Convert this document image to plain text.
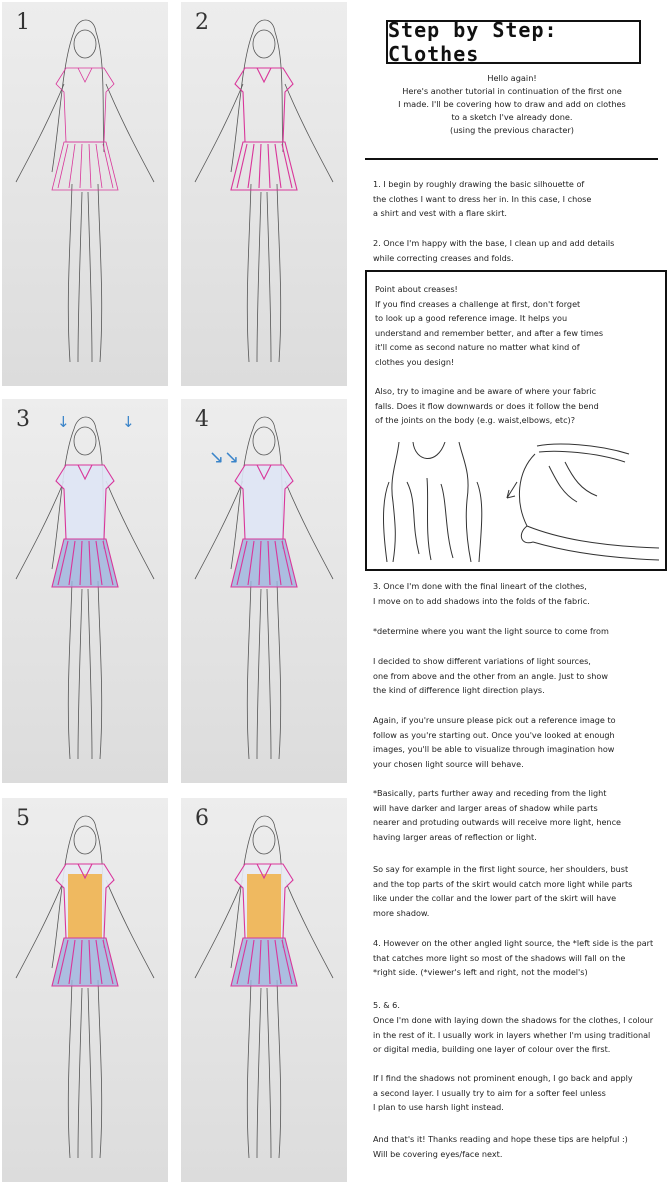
1	2
3 ↓	↓	4
↘↘
5	6
Step by Step: Clothes
Hello again!
Here's another tutorial in continuation of the first one
I made. I'll be covering how to draw and add on clothes
to a sketch I've already done.
(using the previous character)
1. I begin by roughly drawing the basic silhouette of
the clothes I want to dress her in. In this case, I chose
a shirt and vest with a flare skirt.
2. Once I'm happy with the base, I clean up and add details
while correcting creases and folds.
Point about creases!
If you find creases a challenge at first, don't forget
to look up a good reference image. It helps you
understand and remember better, and after a few times
it'll come as second nature no matter what kind of
clothes you design!
Also, try to imagine and be aware of where your fabric
falls. Does it flow downwards or does it follow the bend
of the joints on the body (e.g. waist,elbows, etc)?
3. Once I'm done with the final lineart of the clothes,
I move on to add shadows into the folds of the fabric.
*determine where you want the light source to come from
I decided to show different variations of light sources,
one from above and the other from an angle. Just to show
the kind of difference light direction plays.
Again, if you're unsure please pick out a reference image to
follow as you're starting out. Once you've looked at enough
images, you'll be able to visualize through imagination how
your chosen light source will behave.
*Basically, parts further away and receding from the light
will have darker and larger areas of shadow while parts
nearer and protuding outwards will receive more light, hence
having larger areas of reflection or light.
So say for example in the first light source, her shoulders, bust
and the top parts of the skirt would catch more light while parts
like under the collar and the lower part of the skirt will have
more shadow.
4. However on the other angled light source, the *left side is the part
that catches more light so most of the shadows will fall on the
*right side. (*viewer's left and right, not the model's)
5. & 6.
Once I'm done with laying down the shadows for the clothes, I colour
in the rest of it. I usually work in layers whether I'm using traditional
or digital media, building one layer of colour over the first.
If I find the shadows not prominent enough, I go back and apply
a second layer. I usually try to aim for a softer feel unless
I plan to use harsh light instead.
And that's it! Thanks reading and hope these tips are helpful :)
Will be covering eyes/face next.
